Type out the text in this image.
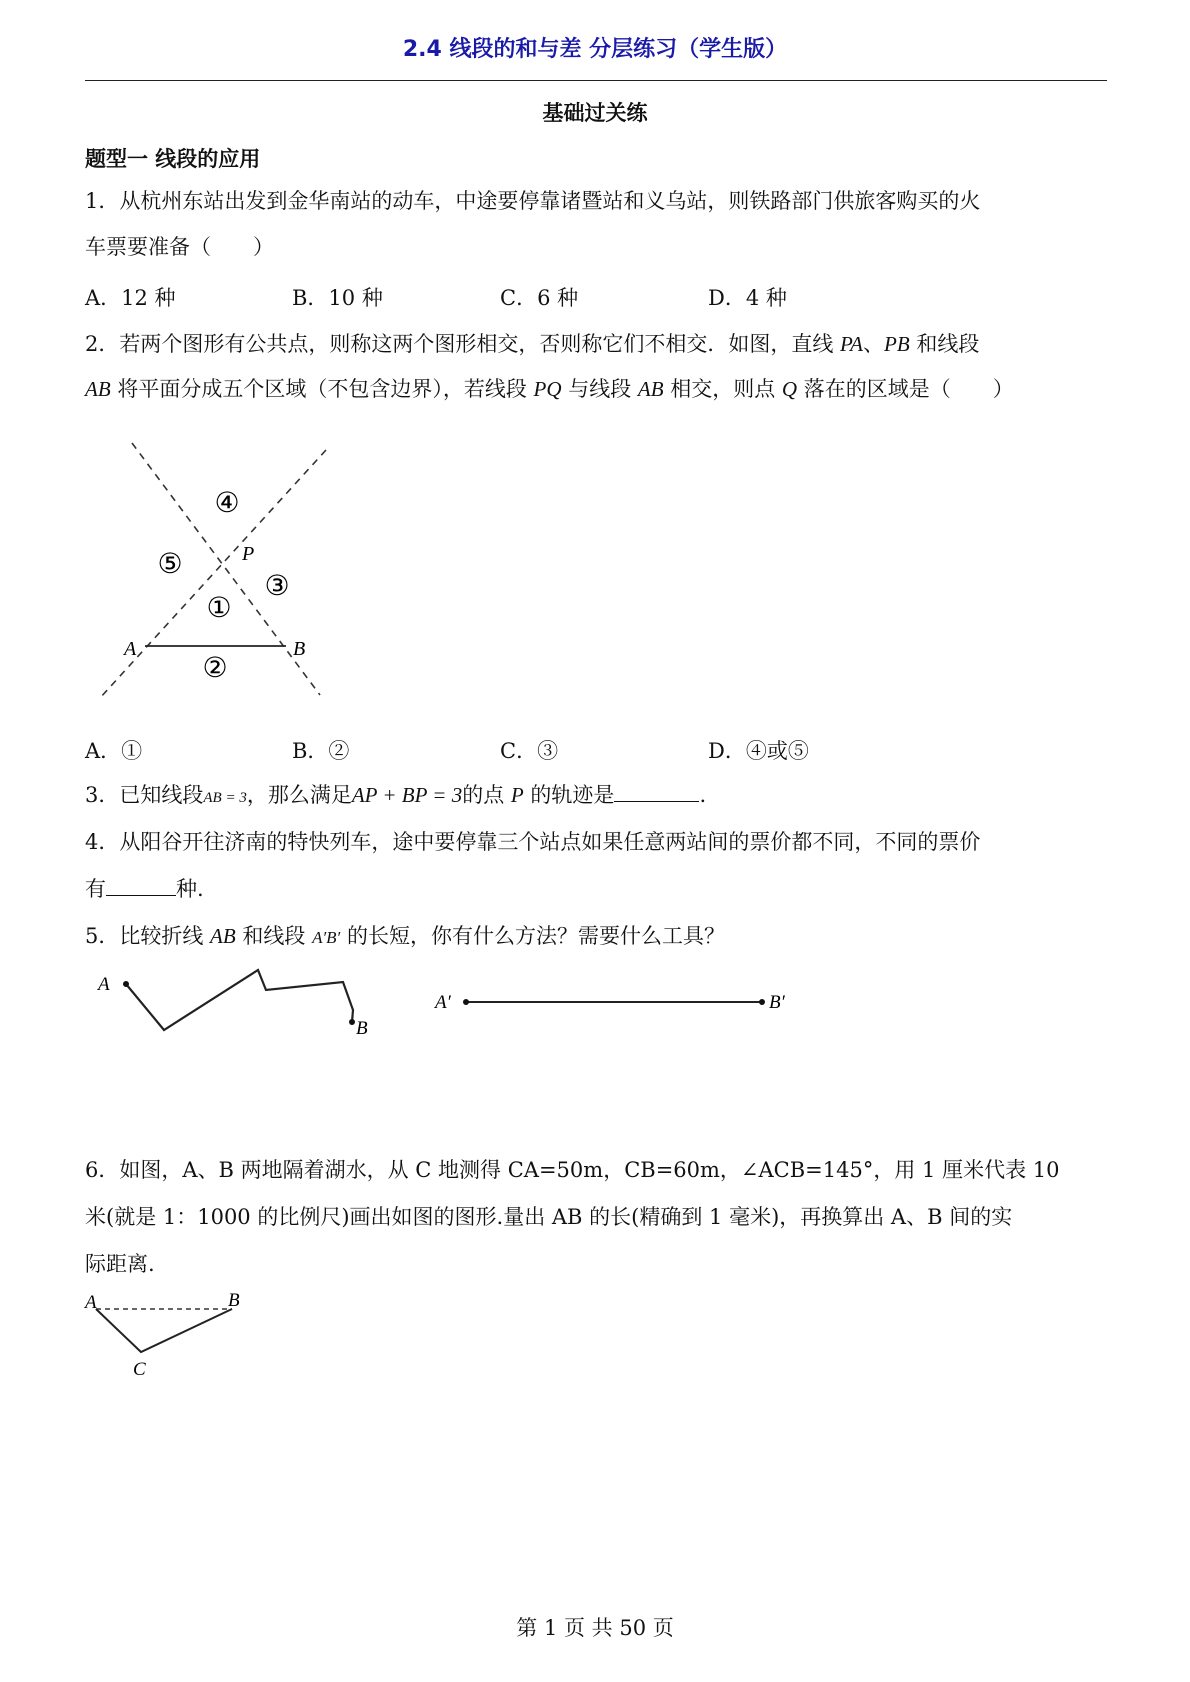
2.4 线段的和与差 分层练习（学生版）
基础过关练
题型一 线段的应用
1．从杭州东站出发到金华南站的动车，中途要停靠诸暨站和义乌站，则铁路部门供旅客购买的火
车票要准备（　　）
A．12 种	B．10 种	C．6 种	D．4 种
2．若两个图形有公共点，则称这两个图形相交，否则称它们不相交．如图，直线 PA、PB 和线段
AB 将平面分成五个区域（不包含边界），若线段 PQ 与线段 AB 相交，则点 Q 落在的区域是（　　）
A	B
P
④
⑤
③
①
②
A．①	B．②	C．③	D．④或⑤
3．已知线段AB = 3，那么满足AP + BP = 3的点 P 的轨迹是	.
4．从阳谷开往济南的特快列车，途中要停靠三个站点如果任意两站间的票价都不同，不同的票价
有	种.
5．比较折线 AB 和线段 A′B′ 的长短，你有什么方法？需要什么工具？
A
B
A′	B′
6．如图，A、B 两地隔着湖水，从 C 地测得 CA=50m，CB=60m，∠ACB=145°，用 1 厘米代表 10
米(就是 1：1000 的比例尺)画出如图的图形.量出 AB 的长(精确到 1 毫米)，再换算出 A、B 间的实
际距离.
A	B
C
第 1 页 共 50 页
